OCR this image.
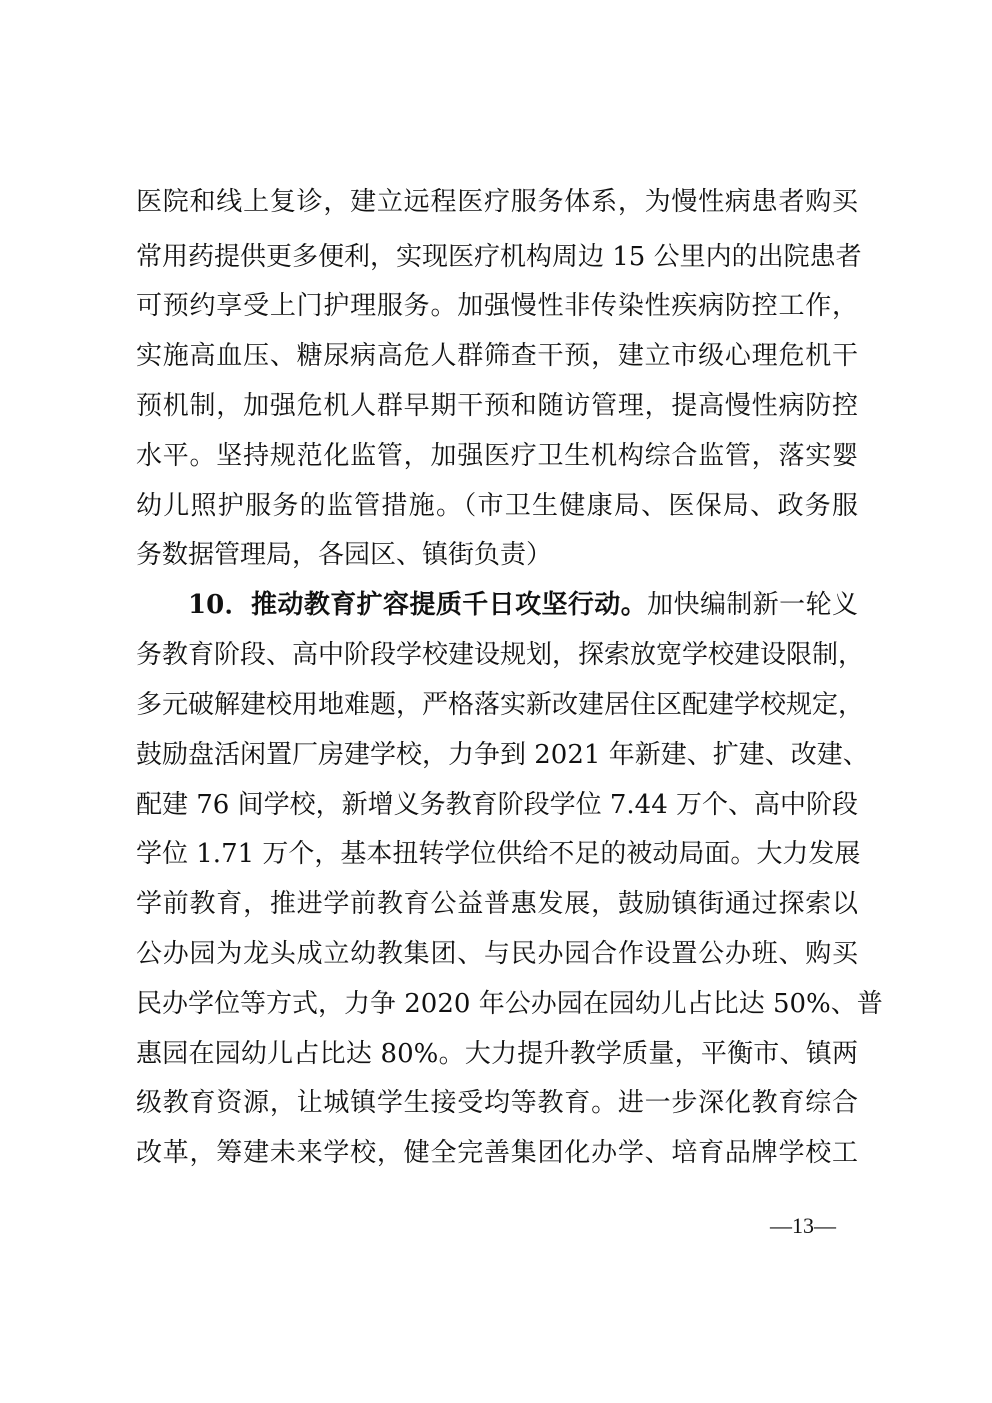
医院和线上复诊，建立远程医疗服务体系，为慢性病患者购买
常用药提供更多便利，实现医疗机构周边 15 公里内的出院患者
可预约享受上门护理服务。加强慢性非传染性疾病防控工作，
实施高血压、糖尿病高危人群筛查干预，建立市级心理危机干
预机制，加强危机人群早期干预和随访管理，提高慢性病防控
水平。坚持规范化监管，加强医疗卫生机构综合监管，落实婴
幼儿照护服务的监管措施。（市卫生健康局、医保局、政务服
务数据管理局，各园区、镇街负责）
10．推动教育扩容提质千日攻坚行动。加快编制新一轮义
务教育阶段、高中阶段学校建设规划，探索放宽学校建设限制，
多元破解建校用地难题，严格落实新改建居住区配建学校规定，
鼓励盘活闲置厂房建学校，力争到 2021 年新建、扩建、改建、
配建 76 间学校，新增义务教育阶段学位 7.44 万个、高中阶段
学位 1.71 万个，基本扭转学位供给不足的被动局面。大力发展
学前教育，推进学前教育公益普惠发展，鼓励镇街通过探索以
公办园为龙头成立幼教集团、与民办园合作设置公办班、购买
民办学位等方式，力争 2020 年公办园在园幼儿占比达 50%、普
惠园在园幼儿占比达 80%。大力提升教学质量，平衡市、镇两
级教育资源，让城镇学生接受均等教育。进一步深化教育综合
改革，筹建未来学校，健全完善集团化办学、培育品牌学校工
—13—
